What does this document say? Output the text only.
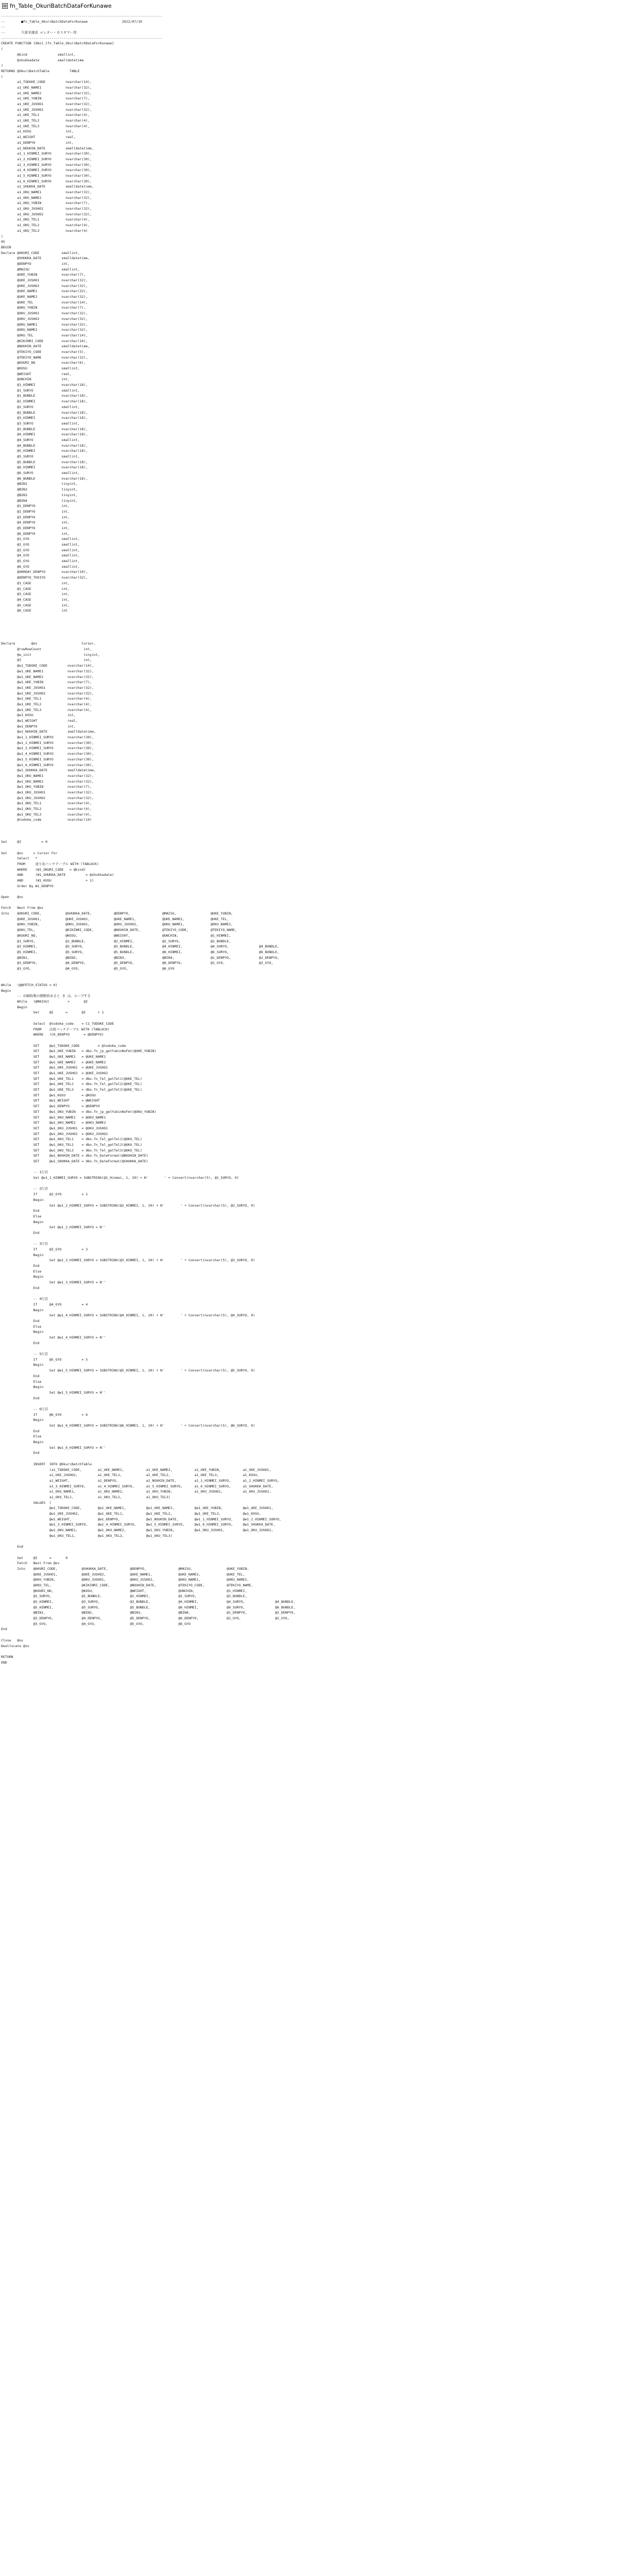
fn_Table_OkuriBatchDataForKunawe
--------------------------------------------------------------------------------
--        ■fn_Table_OkuriBatchDataForKunawe                 2022/07/10
--
--        久留米運送 ｅレター・カスタマー用
--------------------------------------------------------------------------------
CREATE FUNCTION [dbo].[fn_Table_OkuriBatchDataForKunawe]
(
@kind               smallint,
@shukkadate         smalldatetime
)
RETURNS @OkuriBatchTable          TABLE
(
a1_TODOKE_CODE          nvarchar(14),
a1_UKE_NAME1            nvarchar(32),
a1_UKE_NAME2            nvarchar(32),
a1_UKE_YUBIN            nvarchar(7),
a1_UKE_JUSHO1           nvarchar(32),
a1_UKE_JUSHO2           nvarchar(32),
a1_UKE_TEL1             nvarchar(4),
a1_UKE_TEL2             nvarchar(4),
a1_UKE_TEL3             nvarchar(4),
a1_KOSU                 int,
a1_WEIGHT               real,
a1_DENPYO               int,
a1_NOUHIN_DATE          smalldatetime,
a1_1_HINMEI_SURYO       nvarchar(30),
a1_2_HINMEI_SURYO       nvarchar(30),
a1_3_HINMEI_SURYO       nvarchar(30),
a1_4_HINMEI_SURYO       nvarchar(30),
a1_5_HINMEI_SURYO       nvarchar(30),
a1_6_HINMEI_SURYO       nvarchar(30),
a1_SHUKKA_DATE          smalldatetime,
a1_OKU_NAME1            nvarchar(32),
a1_OKU_NAME2            nvarchar(32),
a1_OKU_YUBIN            nvarchar(7),
a1_OKU_JUSHO1           nvarchar(32),
a1_OKU_JUSHO2           nvarchar(32),
a1_OKU_TEL1             nvarchar(4),
a1_OKU_TEL2             nvarchar(4),
a1_OKU_TEL3             nvarchar(4)
)
AS
BEGIN
Declare @OKURI_CODE           smallint,
@SHUKKA_DATE          smalldatetime,
@DENPYO               int,
@MAISU                smallint,
@UKE_YUBIN            nvarchar(7),
@UKE_JUSHO1           nvarchar(32),
@UKE_JUSHO2           nvarchar(32),
@UKE_NAME1            nvarchar(32),
@UKE_NAME2            nvarchar(32),
@UKE_TEL              nvarchar(14),
@OKU_YUBIN            nvarchar(7),
@OKU_JUSHO1           nvarchar(32),
@OKU_JUSHO2           nvarchar(32),
@OKU_NAME1            nvarchar(32),
@OKU_NAME2            nvarchar(32),
@OKU_TEL              nvarchar(14),
@KIKINRI_CODE         nvarchar(10),
@NOUHIN_DATE          smalldatetime,
@TEKIYO_CODE          nvarchar(5),
@TEKIYO_NAME          nvarchar(32),
@KOURI_NO             nvarchar(6),
@KOSU                 smallint,
@WEIGHT               real,
@UNCHIN               int,
@1_HINMEI             nvarchar(18),
@1_SURYO              smallint,
@1_BUNDLE             nvarchar(18),
@2_HINMEI             nvarchar(18),
@2_SURYO              smallint,
@2_BUNDLE             nvarchar(18),
@3_HINMEI             nvarchar(18),
@3_SURYO              smallint,
@3_BUNDLE             nvarchar(18),
@4_HINMEI             nvarchar(18),
@4_SURYO              smallint,
@4_BUNDLE             nvarchar(18),
@5_HINMEI             nvarchar(18),
@5_SURYO              smallint,
@5_BUNDLE             nvarchar(18),
@6_HINMEI             nvarchar(18),
@6_SURYO              smallint,
@6_BUNDLE             nvarchar(18),
@BIN1                 tinyint,
@BIN2                 tinyint,
@BIN3                 tinyint,
@BIN4                 tinyint,
@1_DENPYO             int,
@2_DENPYO             int,
@3_DENPYO             int,
@4_DENPYO             int,
@5_DENPYO             int,
@6_DENPYO             int,
@1_GYO                smallint,
@2_GYO                smallint,
@3_GYO                smallint,
@4_GYO                smallint,
@5_GYO                smallint,
@6_GYO                smallint,
@OKRDAY_DENPYO        nvarchar(10),
@DENPYO_TEKIYO        nvarchar(32),
@1_CASE               int,
@2_CASE               int,
@3_CASE               int,
@4_CASE               int,
@5_CASE               int,
@6_CASE               int
Declare        @ov                      Cursor,
@rowRowCount                     int,
@w_init                          tinyint,
@I                               int,
@w1_TODOKE_CODE          nvarchar(14),
@w1_UKE_NAME1            nvarchar(32),
@w1_UKE_NAME2            nvarchar(32),
@w1_UKE_YUBIN            nvarchar(7),
@w1_UKE_JUSHO1           nvarchar(32),
@w1_UKE_JUSHO2           nvarchar(32),
@w1_UKE_TEL1             nvarchar(4),
@w1_UKE_TEL2             nvarchar(4),
@w1_UKE_TEL3             nvarchar(4),
@w1_KOSU                 int,
@w1_WEIGHT               real,
@w1_DENPYO               int,
@w1_NOUHIN_DATE          smalldatetime,
@w1_1_HINMEI_SURYO       nvarchar(30),
@w1_2_HINMEI_SURYO       nvarchar(30),
@w1_3_HINMEI_SURYO       nvarchar(30),
@w1_4_HINMEI_SURYO       nvarchar(30),
@w1_5_HINMEI_SURYO       nvarchar(30),
@w1_6_HINMEI_SURYO       nvarchar(30),
@w1_SHUKKA_DATE          smalldatetime,
@w1_OKU_NAME1            nvarchar(32),
@w1_OKU_NAME2            nvarchar(32),
@w1_OKU_YUBIN            nvarchar(7),
@w1_OKU_JUSHO1           nvarchar(32),
@w1_OKU_JUSHO2           nvarchar(32),
@w1_OKU_TEL1             nvarchar(4),
@w1_OKU_TEL2             nvarchar(4),
@w1_OKU_TEL3             nvarchar(4),
@todoke_code             nvarchar(14)
Set     @I          = 0
Set     @ov     = Cursor For
Select   *
FROM     送り状バッチテーブル WITH (TABLOCK)
WHERE    (W1_OKURI_CODE   = @kind)
AND      (W1_SHUKKA_DATE          = @shukkadate)
AND      (W1_KOSU                 > 1)
Order By W1_DENPYO
Open    @ov
Fetch   Next From @ov
Into    @OKURI_CODE,            @SHUKKA_DATE,           @DENPYO,                @MAISU,                 @UKE_YUBIN,
@UKE_JUSHO1,            @UKE_JUSHO2,            @UKE_NAME1,             @UKE_NAME2,             @UKE_TEL,
@OKU_YUBIN,             @OKU_JUSHO1,            @OKU_JUSHO2,            @OKU_NAME1,             @OKU_NAME2,
@OKU_TEL,               @KIKINRI_CODE,          @NOUHIN_DATE,           @TEKIYO_CODE,           @TEKIYO_NAME,
@KOURI_NO,              @KOSU,                  @WEIGHT,                @UNCHIN,                @1_HINMEI,
@1_SURYO,               @1_BUNDLE,              @2_HINMEI,              @2_SURYO,               @2_BUNDLE,
@3_HINMEI,              @3_SURYO,               @3_BUNDLE,              @4_HINMEI,              @4_SURYO,               @4_BUNDLE,
@5_HINMEI,              @5_SURYO,               @5_BUNDLE,              @6_HINMEI,              @6_SURYO,               @6_BUNDLE,
@BIN1,                  @BIN2,                  @BIN3,                  @BIN4,                  @1_DENPYO,              @2_DENPYO,
@3_DENPYO,              @4_DENPYO,              @5_DENPYO,              @6_DENPYO,              @1_GYO,                 @2_GYO,
@3_GYO,                 @4_GYO,                 @5_GYO,                 @6_GYO
While   (@@FETCH_STATUS = 0)
Begin
-- 印刷枚数の個数枚あると き は、ループする
While   (@MAISU)         >       @I
Begin
Set     @I      =       @I      + 1
Select  @todoke_code    = C1_TODOKE_CODE
FROM    出荷バッチテーブル WITH (TABLOCK)
WHERE   (C0_DENPYO       = @DENPYO)
SET     @w1_TODOKE_CODE         = @todoke_code
SET     @w1_UKE_YUBIN   = dbo.fn_jp_getYubinNoFmt(@UKE_YUBIN)
SET     @w1_UKE_NAME1   = @UKE_NAME1
SET     @w1_UKE_NAME2   = @UKE_NAME2
SET     @w1_UKE_JUSHO1  = @UKE_JUSHO1
SET     @w1_UKE_JUSHO2  = @UKE_JUSHO2
SET     @w1_UKE_TEL1    = dbo.fn_Tel_getTel1(@UKE_TEL)
SET     @w1_UKE_TEL2    = dbo.fn_Tel_getTel2(@UKE_TEL)
SET     @w1_UKE_TEL3    = dbo.fn_Tel_getTel3(@UKE_TEL)
SET     @w1_KOSU        = @KOSU
SET     @w1_WEIGHT      = @WEIGHT
SET     @w1_DENPYO      = @DENPYO
SET     @w1_OKU_YUBIN   = dbo.fn_jp_getYubinNoFmt(@OKU_YUBIN)
SET     @w1_OKU_NAME1   = @OKU_NAME1
SET     @w1_OKU_NAME2   = @OKU_NAME2
SET     @w1_OKU_JUSHO1  = @OKU_JUSHO1
SET     @w1_OKU_JUSHO2  = @OKU_JUSHO2
SET     @w1_OKU_TEL1    = dbo.fn_Tel_getTel1(@OKU_TEL)
SET     @w1_OKU_TEL2    = dbo.fn_Tel_getTel2(@OKU_TEL)
SET     @w1_OKU_TEL3    = dbo.fn_Tel_getTel3(@OKU_TEL)
SET     @w1_NOUHIN_DATE = dbo.fn_DateFormat(@NOUHIN_DATE)
SET     @w1_SHUKKA_DATE = dbo.fn_DateFormat(@SHUKKA_DATE)
-- 1行目
Set @w1_1_HINMEI_SURYO = SUBSTRING(@1_Hinmei, 1, 20) + N'        ' + Convert(nvarchar(5), @1_SURYO, 0)
-- 2行目
If      @2_GYO          = 2
Begin
Set @w1_2_HINMEI_SURYO = SUBSTRING(@2_HINMEI, 1, 20) + N'        ' + Convert(nvarchar(5), @2_SURYO, 0)
End
Else
Begin
Set @w1_2_HINMEI_SURYO = N''
End
-- 3行目
If      @3_GYO          = 3
Begin
Set @w1_3_HINMEI_SURYO = SUBSTRING(@3_HINMEI, 1, 20) + N'        ' + Convert(nvarchar(5), @3_SURYO, 0)
End
Else
Begin
Set @w1_3_HINMEI_SURYO = N''
End
-- 4行目
If      @4_GYO          = 4
Begin
Set @w1_4_HINMEI_SURYO = SUBSTRING(@4_HINMEI, 1, 20) + N'        ' + Convert(nvarchar(5), @4_SURYO, 0)
End
Else
Begin
Set @w1_4_HINMEI_SURYO = N''
End
-- 5行目
If      @5_GYO          = 5
Begin
Set @w1_5_HINMEI_SURYO = SUBSTRING(@5_HINMEI, 1, 20) + N'        ' + Convert(nvarchar(5), @5_SURYO, 0)
End
Else
Begin
Set @w1_5_HINMEI_SURYO = N''
End
-- 6行目
If      @6_GYO          = 6
Begin
Set @w1_6_HINMEI_SURYO = SUBSTRING(@6_HINMEI, 1, 20) + N'        ' + Convert(nvarchar(5), @6_SURYO, 0)
End
Else
Begin
Set @w1_6_HINMEI_SURYO = N''
End
INSERT  INTO @OkuriBatchTable
(a1_TODOKE_CODE,        a1_UKE_NAME1,           a1_UKE_NAME2,           a1_UKE_YUBIN,           a1_UKE_JUSHO1,
a1_UKE_JUSHO2,          a1_UKE_TEL1,            a1_UKE_TEL2,            a1_UKE_TEL3,            a1_KOSU,
a1_WEIGHT,              a1_DENPYO,              a1_NOUHIN_DATE,         a1_1_HINMEI_SURYO,      a1_2_HINMEI_SURYO,
a1_3_HINMEI_SURYO,      a1_4_HINMEI_SURYO,      a1_5_HINMEI_SURYO,      a1_6_HINMEI_SURYO,      a1_SHUKKA_DATE,
a1_OKU_NAME1,           a1_OKU_NAME2,           a1_OKU_YUBIN,           a1_OKU_JUSHO1,          a1_OKU_JUSHO2,
a1_OKU_TEL1,            a1_OKU_TEL2,            a1_OKU_TEL3)
VALUES  (
@w1_TODOKE_CODE,        @w1_UKE_NAME1,          @w1_UKE_NAME2,          @w1_UKE_YUBIN,          @w1_UKE_JUSHO1,
@w1_UKE_JUSHO2,         @w1_UKE_TEL1,           @w1_UKE_TEL2,           @w1_UKE_TEL3,           @w1_KOSU,
@w1_WEIGHT,             @w1_DENPYO,             @w1_NOUHIN_DATE,        @w1_1_HINMEI_SURYO,     @w1_2_HINMEI_SURYO,
@w1_3_HINMEI_SURYO,     @w1_4_HINMEI_SURYO,     @w1_5_HINMEI_SURYO,     @w1_6_HINMEI_SURYO,     @w1_SHUKKA_DATE,
@w1_OKU_NAME1,          @w1_OKU_NAME2,          @w1_OKU_YUBIN,          @w1_OKU_JUSHO1,         @w1_OKU_JUSHO2,
@w1_OKU_TEL1,           @w1_OKU_TEL2,           @w1_OKU_TEL3)
End
Set     @I      =       0
Fetch   Next From @ov
Into    @OKURI_CODE,            @SHUKKA_DATE,           @DENPYO,                @MAISU,                 @UKE_YUBIN,
@UKE_JUSHO1,            @UKE_JUSHO2,            @UKE_NAME1,             @UKE_NAME2,             @UKE_TEL,
@OKU_YUBIN,             @OKU_JUSHO1,            @OKU_JUSHO2,            @OKU_NAME1,             @OKU_NAME2,
@OKU_TEL,               @KIKINRI_CODE,          @NOUHIN_DATE,           @TEKIYO_CODE,           @TEKIYO_NAME,
@KOURI_NO,              @KOSU,                  @WEIGHT,                @UNCHIN,                @1_HINMEI,
@1_SURYO,               @1_BUNDLE,              @2_HINMEI,              @2_SURYO,               @2_BUNDLE,
@3_HINMEI,              @3_SURYO,               @3_BUNDLE,              @4_HINMEI,              @4_SURYO,               @4_BUNDLE,
@5_HINMEI,              @5_SURYO,               @5_BUNDLE,              @6_HINMEI,              @6_SURYO,               @6_BUNDLE,
@BIN1,                  @BIN2,                  @BIN3,                  @BIN4,                  @1_DENPYO,              @2_DENPYO,
@3_DENPYO,              @4_DENPYO,              @5_DENPYO,              @6_DENPYO,              @1_GYO,                 @2_GYO,
@3_GYO,                 @4_GYO,                 @5_GYO,                 @6_GYO
End
Close   @ov
Deallocate @ov
RETURN
END
